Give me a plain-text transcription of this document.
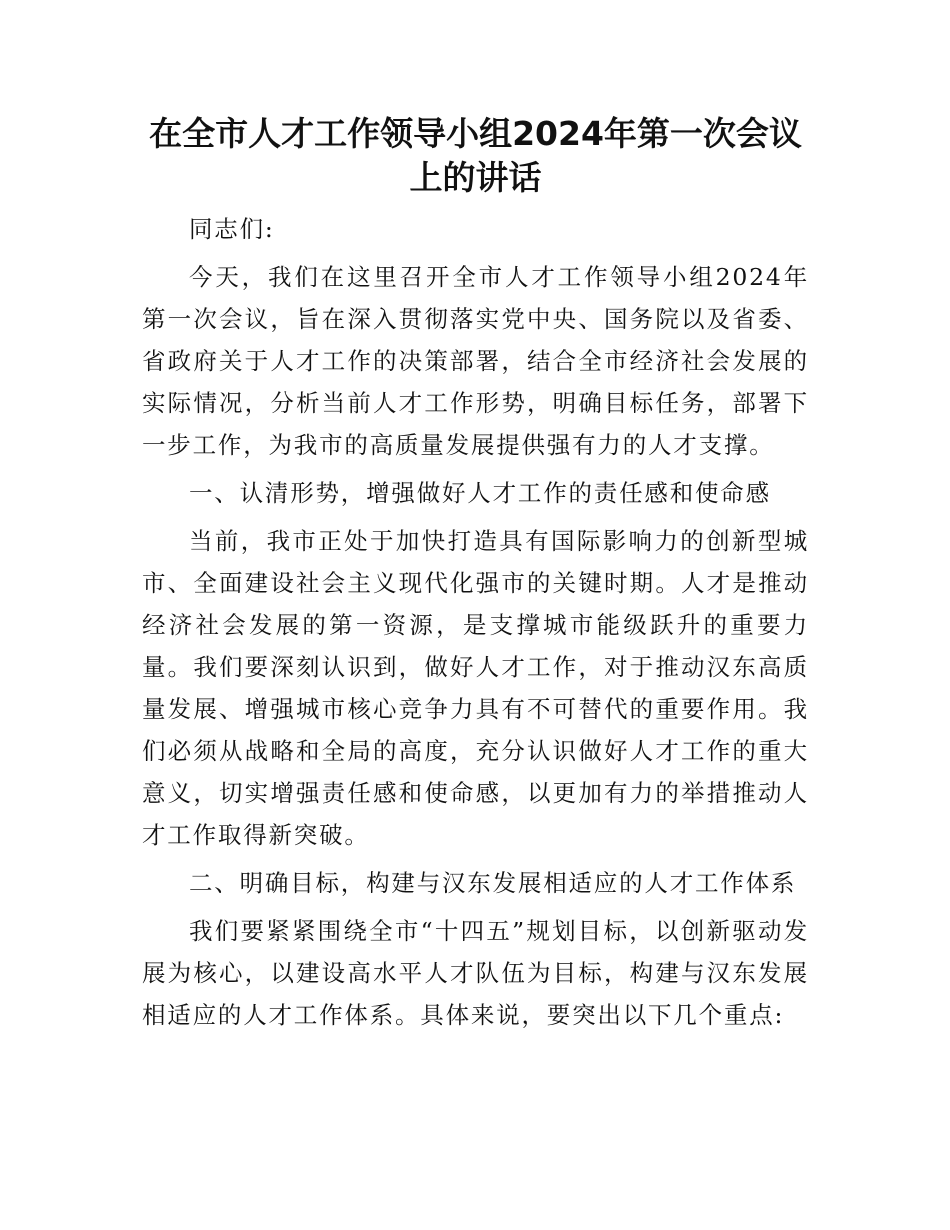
在全市人才工作领导小组2024年第一次会议上的讲话

同志们:

今天，我们在这里召开全市人才工作领导小组2024年第一次会议，旨在深入贯彻落实党中央、国务院以及省委、省政府关于人才工作的决策部署，结合全市经济社会发展的实际情况，分析当前人才工作形势，明确目标任务，部署下一步工作，为我市的高质量发展提供强有力的人才支撑。

一、认清形势，增强做好人才工作的责任感和使命感

当前，我市正处于加快打造具有国际影响力的创新型城市、全面建设社会主义现代化强市的关键时期。人才是推动经济社会发展的第一资源，是支撑城市能级跃升的重要力量。我们要深刻认识到，做好人才工作，对于推动汉东高质量发展、增强城市核心竞争力具有不可替代的重要作用。我们必须从战略和全局的高度，充分认识做好人才工作的重大意义，切实增强责任感和使命感，以更加有力的举措推动人才工作取得新突破。

二、明确目标，构建与汉东发展相适应的人才工作体系

我们要紧紧围绕全市“十四五”规划目标，以创新驱动发展为核心，以建设高水平人才队伍为目标，构建与汉东发展相适应的人才工作体系。具体来说，要突出以下几个重点:
